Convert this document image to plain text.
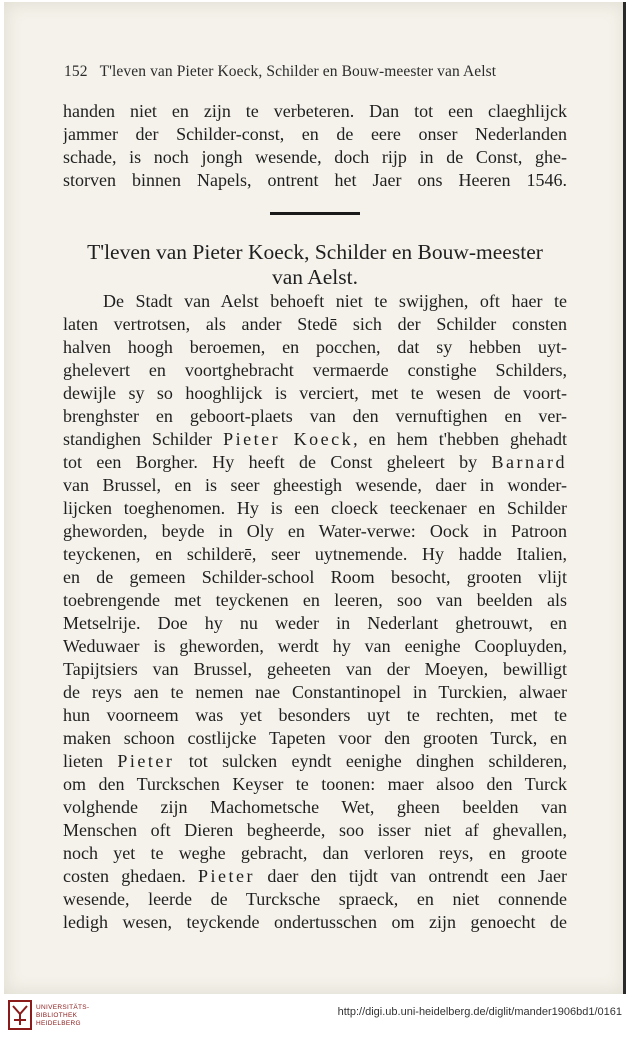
152 T'leven van Pieter Koeck, Schilder en Bouw-meester van Aelst
handen niet en zijn te verbeteren. Dan tot een claeghlijck
jammer der Schilder-const, en de eere onser Nederlanden
schade, is noch jongh wesende, doch rijp in de Const, ghe-
storven binnen Napels, ontrent het Jaer ons Heeren 1546.
T'leven van Pieter Koeck, Schilder en Bouw-meester
van Aelst.
De Stadt van Aelst behoeft niet te swijghen, oft haer te
laten vertrotsen, als ander Stedē sich der Schilder consten
halven hoogh beroemen, en pocchen, dat sy hebben uyt-
ghelevert en voortghebracht vermaerde constighe Schilders,
dewijle sy so hooghlijck is verciert, met te wesen de voort-
brenghster en geboort-plaets van den vernuftighen en ver-
standighen Schilder Pieter Koeck, en hem t'hebben ghehadt
tot een Borgher. Hy heeft de Const gheleert by Barnard
van Brussel, en is seer gheestigh wesende, daer in wonder-
lijcken toeghenomen. Hy is een cloeck teeckenaer en Schilder
gheworden, beyde in Oly en Water-verwe: Oock in Patroon
teyckenen, en schilderē, seer uytnemende. Hy hadde Italien,
en de gemeen Schilder-school Room besocht, grooten vlijt
toebrengende met teyckenen en leeren, soo van beelden als
Metselrije. Doe hy nu weder in Nederlant ghetrouwt, en
Weduwaer is gheworden, werdt hy van eenighe Coopluyden,
Tapijtsiers van Brussel, geheeten van der Moeyen, bewilligt
de reys aen te nemen nae Constantinopel in Turckien, alwaer
hun voorneem was yet besonders uyt te rechten, met te
maken schoon costlijcke Tapeten voor den grooten Turck, en
lieten Pieter tot sulcken eyndt eenighe dinghen schilderen,
om den Turckschen Keyser te toonen: maer alsoo den Turck
volghende zijn Machometsche Wet, gheen beelden van
Menschen oft Dieren begheerde, soo isser niet af ghevallen,
noch yet te weghe gebracht, dan verloren reys, en groote
costen ghedaen. Pieter daer den tijdt van ontrendt een Jaer
wesende, leerde de Turcksche spraeck, en niet connende
ledigh wesen, teyckende ondertusschen om zijn genoecht de
UNIVERSITÄTS-
BIBLIOTHEK
HEIDELBERG
http://digi.ub.uni-heidelberg.de/diglit/mander1906bd1/0161
